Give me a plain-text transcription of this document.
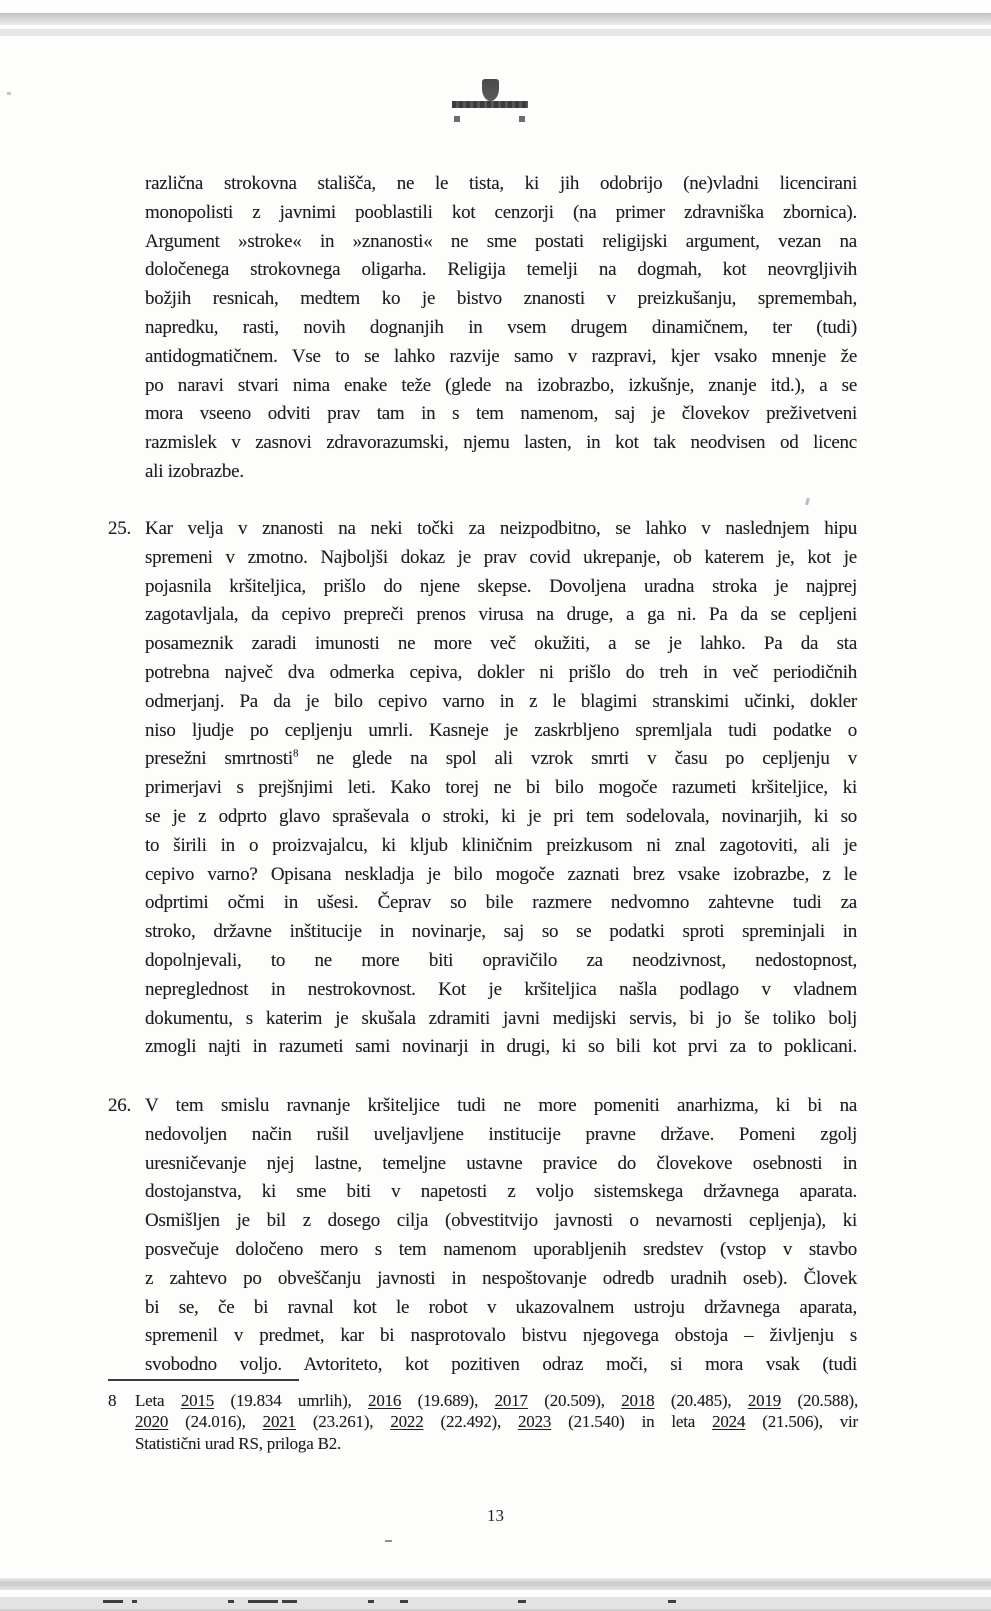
različna strokovna stališča, ne le tista, ki jih odobrijo (ne)vladni licencirani
monopolisti z javnimi pooblastili kot cenzorji (na primer zdravniška zbornica).
Argument »stroke« in »znanosti« ne sme postati religijski argument, vezan na
določenega strokovnega oligarha. Religija temelji na dogmah, kot neovrgljivih
božjih resnicah, medtem ko je bistvo znanosti v preizkušanju, spremembah,
napredku, rasti, novih dognanjih in vsem drugem dinamičnem, ter (tudi)
antidogmatičnem. Vse to se lahko razvije samo v razpravi, kjer vsako mnenje že
po naravi stvari nima enake teže (glede na izobrazbo, izkušnje, znanje itd.), a se
mora vseeno odviti prav tam in s tem namenom, saj je človekov preživetveni
razmislek v zasnovi zdravorazumski, njemu lasten, in kot tak neodvisen od licenc
ali izobrazbe.
25. Kar velja v znanosti na neki točki za neizpodbitno, se lahko v naslednjem hipu
spremeni v zmotno. Najboljši dokaz je prav covid ukrepanje, ob katerem je, kot je
pojasnila kršiteljica, prišlo do njene skepse. Dovoljena uradna stroka je najprej
zagotavljala, da cepivo prepreči prenos virusa na druge, a ga ni. Pa da se cepljeni
posameznik zaradi imunosti ne more več okužiti, a se je lahko. Pa da sta
potrebna največ dva odmerka cepiva, dokler ni prišlo do treh in več periodičnih
odmerjanj. Pa da je bilo cepivo varno in z le blagimi stranskimi učinki, dokler
niso ljudje po cepljenju umrli. Kasneje je zaskrbljeno spremljala tudi podatke o
presežni smrtnosti$^8$ ne glede na spol ali vzrok smrti v času po cepljenju v
primerjavi s prejšnjimi leti. Kako torej ne bi bilo mogoče razumeti kršiteljice, ki
se je z odprto glavo spraševala o stroki, ki je pri tem sodelovala, novinarjih, ki so
to širili in o proizvajalcu, ki kljub kliničnim preizkusom ni znal zagotoviti, ali je
cepivo varno? Opisana neskladja je bilo mogoče zaznati brez vsake izobrazbe, z le
odprtimi očmi in ušesi. Čeprav so bile razmere nedvomno zahtevne tudi za
stroko, državne inštitucije in novinarje, saj so se podatki sproti spreminjali in
dopolnjevali, to ne more biti opravičilo za neodzivnost, nedostopnost,
nepreglednost in nestrokovnost. Kot je kršiteljica našla podlago v vladnem
dokumentu, s katerim je skušala zdramiti javni medijski servis, bi jo še toliko bolj
zmogli najti in razumeti sami novinarji in drugi, ki so bili kot prvi za to poklicani.
26. V tem smislu ravnanje kršiteljice tudi ne more pomeniti anarhizma, ki bi na
nedovoljen način rušil uveljavljene institucije pravne države. Pomeni zgolj
uresničevanje njej lastne, temeljne ustavne pravice do človekove osebnosti in
dostojanstva, ki sme biti v napetosti z voljo sistemskega državnega aparata.
Osmišljen je bil z dosego cilja (obvestitvijo javnosti o nevarnosti cepljenja), ki
posvečuje določeno mero s tem namenom uporabljenih sredstev (vstop v stavbo
z zahtevo po obveščanju javnosti in nespoštovanje odredb uradnih oseb). Človek
bi se, če bi ravnal kot le robot v ukazovalnem ustroju državnega aparata,
spremenil v predmet, kar bi nasprotovalo bistvu njegovega obstoja – življenju s
svobodno voljo. Avtoriteto, kot pozitiven odraz moči, si mora vsak (tudi
8	Leta 2015 (19.834 umrlih), 2016 (19.689), 2017 (20.509), 2018 (20.485), 2019 (20.588),
2020 (24.016), 2021 (23.261), 2022 (22.492), 2023 (21.540) in leta 2024 (21.506), vir
Statistični urad RS, priloga B2.
13
